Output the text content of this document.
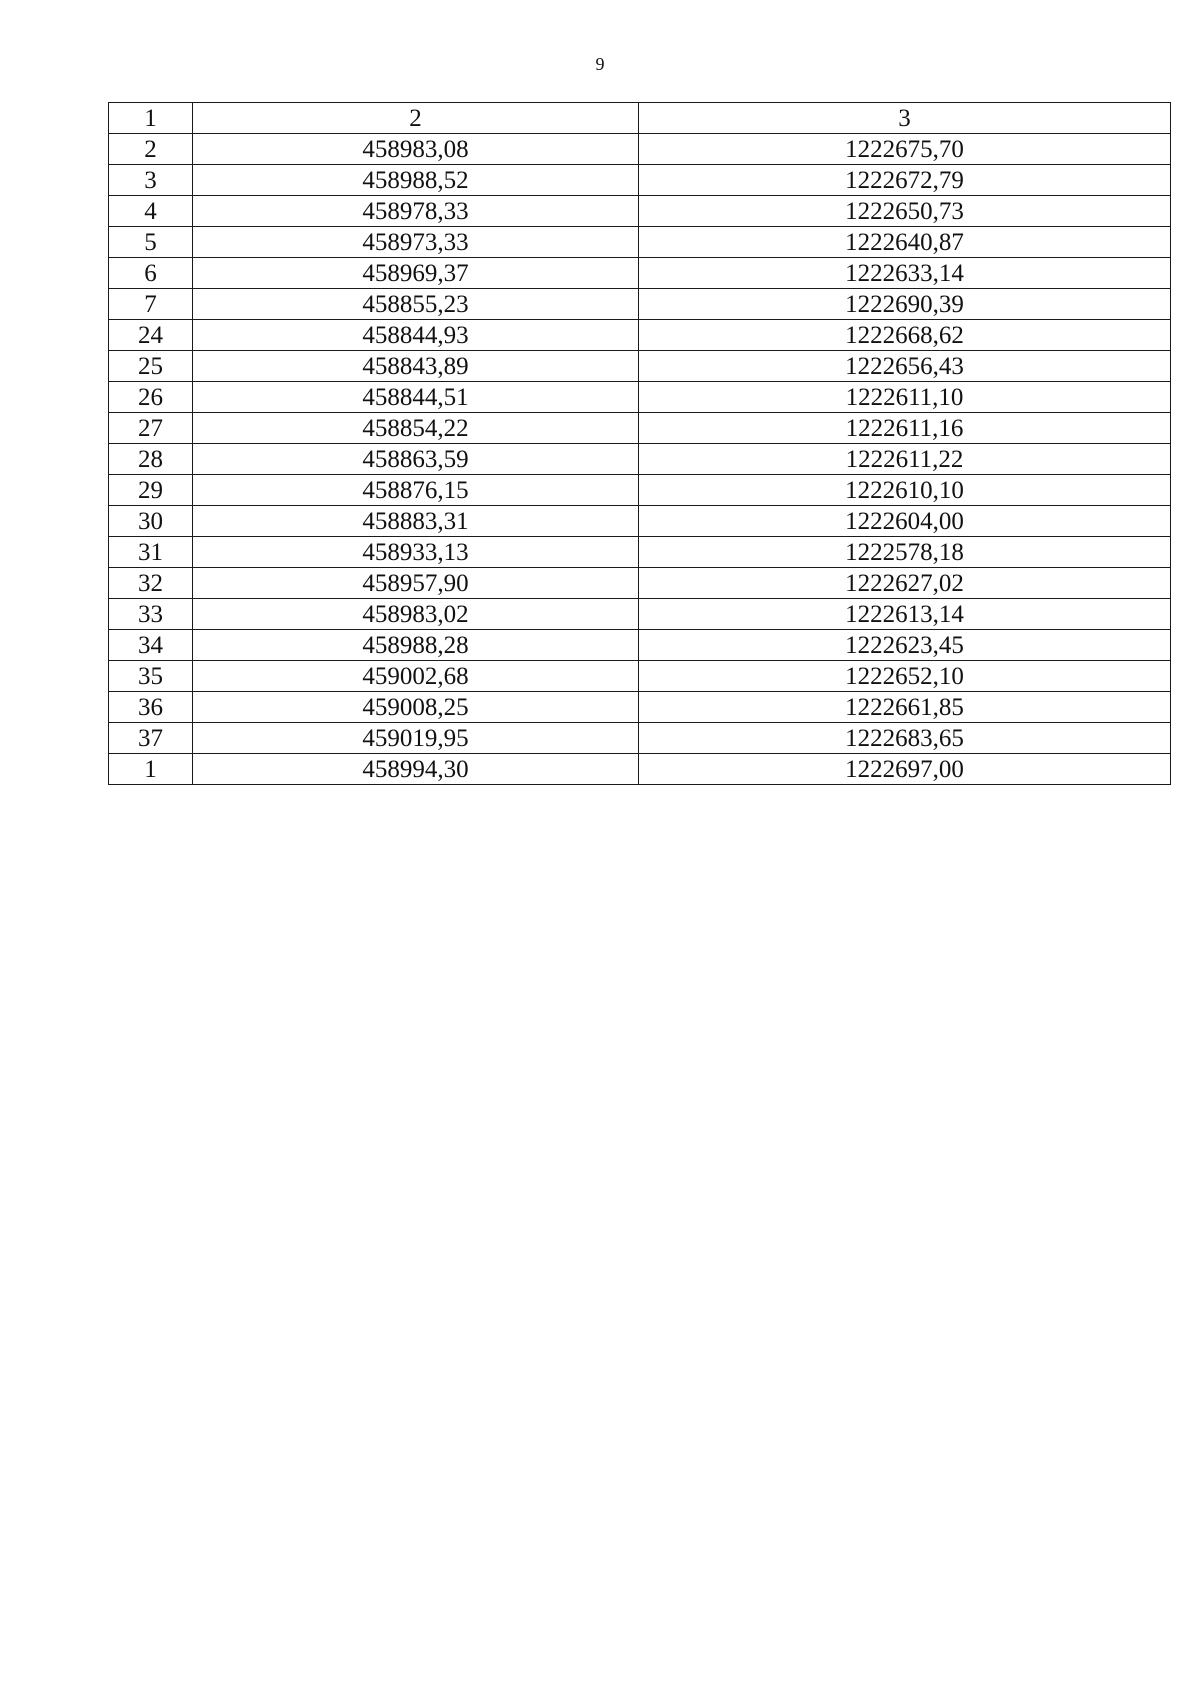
9
1	2	3
2	458983,08	1222675,70
3	458988,52	1222672,79
4	458978,33	1222650,73
5	458973,33	1222640,87
6	458969,37	1222633,14
7	458855,23	1222690,39
24	458844,93	1222668,62
25	458843,89	1222656,43
26	458844,51	1222611,10
27	458854,22	1222611,16
28	458863,59	1222611,22
29	458876,15	1222610,10
30	458883,31	1222604,00
31	458933,13	1222578,18
32	458957,90	1222627,02
33	458983,02	1222613,14
34	458988,28	1222623,45
35	459002,68	1222652,10
36	459008,25	1222661,85
37	459019,95	1222683,65
1	458994,30	1222697,00
